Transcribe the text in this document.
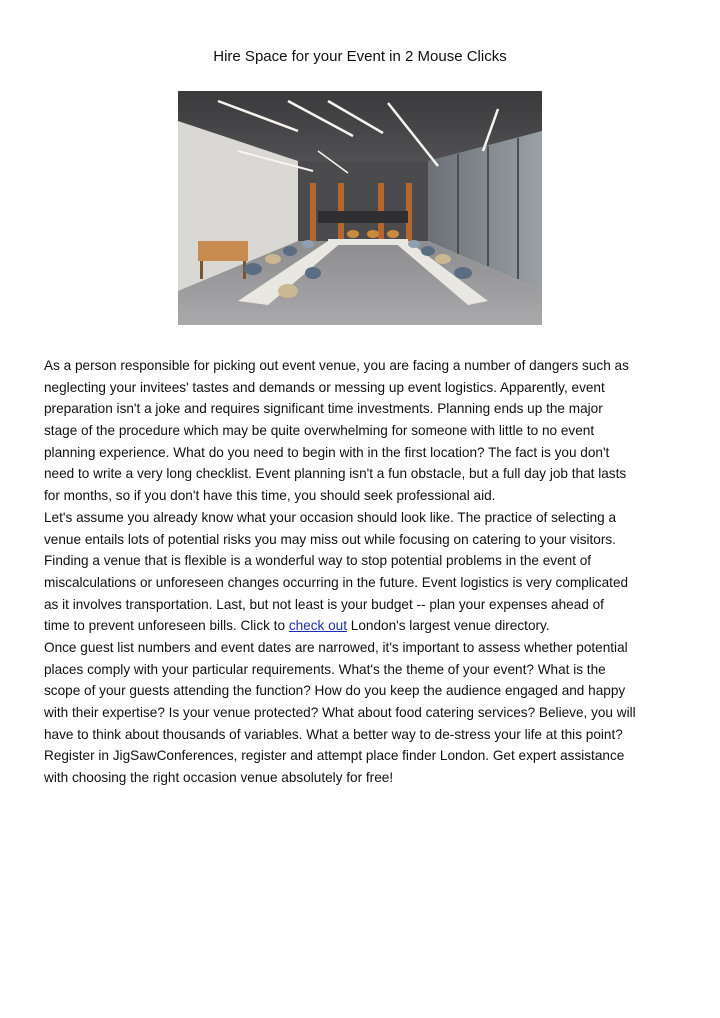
Hire Space for your Event in 2 Mouse Clicks
As a person responsible for picking out event venue, you are facing a number of dangers such as
neglecting your invitees' tastes and demands or messing up event logistics. Apparently, event
preparation isn't a joke and requires significant time investments. Planning ends up the major
stage of the procedure which may be quite overwhelming for someone with little to no event
planning experience. What do you need to begin with in the first location? The fact is you don't
need to write a very long checklist. Event planning isn't a fun obstacle, but a full day job that lasts
for months, so if you don't have this time, you should seek professional aid.
Let's assume you already know what your occasion should look like. The practice of selecting a
venue entails lots of potential risks you may miss out while focusing on catering to your visitors.
Finding a venue that is flexible is a wonderful way to stop potential problems in the event of
miscalculations or unforeseen changes occurring in the future. Event logistics is very complicated
as it involves transportation. Last, but not least is your budget -- plan your expenses ahead of
time to prevent unforeseen bills. Click to check out London's largest venue directory.
Once guest list numbers and event dates are narrowed, it's important to assess whether potential
places comply with your particular requirements. What's the theme of your event? What is the
scope of your guests attending the function? How do you keep the audience engaged and happy
with their expertise? Is your venue protected? What about food catering services? Believe, you will
have to think about thousands of variables. What a better way to de-stress your life at this point?
Register in JigSawConferences, register and attempt place finder London. Get expert assistance
with choosing the right occasion venue absolutely for free!
